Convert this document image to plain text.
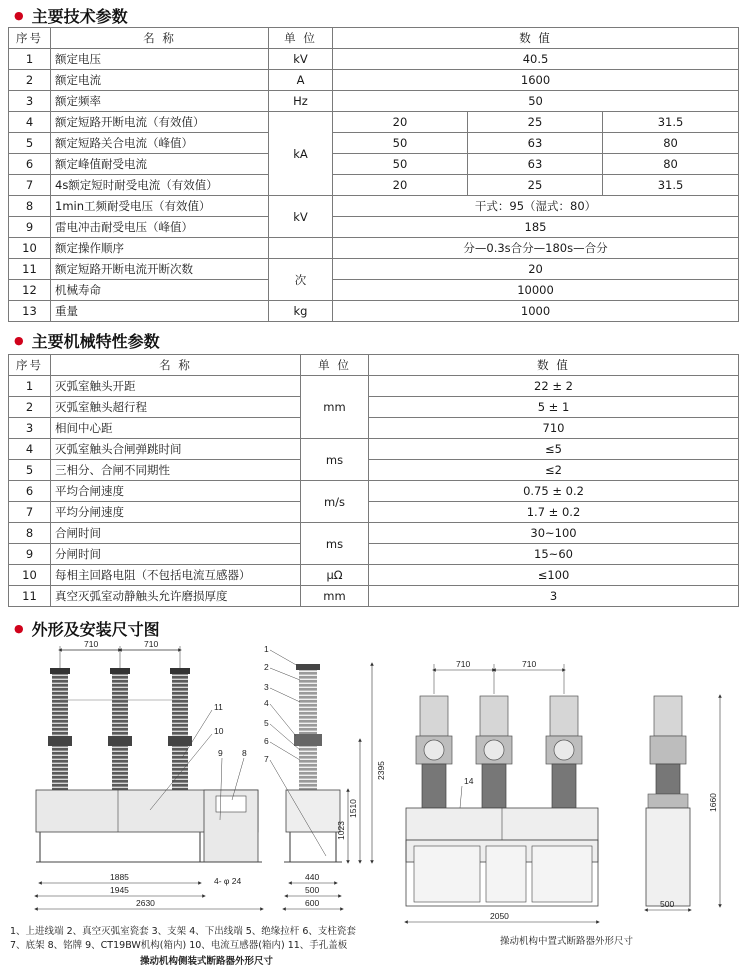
● 主要技术参数
序号	名 称	单 位	数 值		
1	额定电压	kV	40.5		
2	额定电流	A	1600		
3	额定频率	Hz	50		
4	额定短路开断电流（有效值）	kA	20	25	31.5
5	额定短路关合电流（峰值）		50	63	80
6	额定峰值耐受电流		50	63	80
7	4s额定短时耐受电流（有效值）		20	25	31.5
8	1min工频耐受电压（有效值）	kV	干式：95（湿式：80）		
9	雷电冲击耐受电压（峰值）		185		
10	额定操作顺序		分—0.3s合分—180s—合分		
11	额定短路开断电流开断次数	次	20		
12	机械寿命		10000		
13	重量	kg	1000		
● 主要机械特性参数
序号	名 称	单 位	数 值
1	灭弧室触头开距	mm	22 ± 2
2	灭弧室触头超行程		5 ± 1
3	相间中心距		710
4	灭弧室触头合闸弹跳时间	ms	≤5
5	三相分、合闸不同期性		≤2
6	平均合闸速度	m/s	0.75 ± 0.2
7	平均分闸速度		1.7 ± 0.2
8	合闸时间	ms	30~100
9	分闸时间		15~60
10	每相主回路电阻（不包括电流互感器）	μΩ	≤100
11	真空灭弧室动静触头允许磨损厚度	mm	3
● 外形及安装尺寸图
710	710
1885
1945
2630
4- φ 24
11
10
9 8
1
2
3
4
5
6
7
2395
1510
1023
440
500
600
710	710
14
2050
1660
500
1、上进线端 2、真空灭弧室瓷套 3、支架 4、下出线端 5、绝缘拉杆 6、支柱瓷套
7、底架 8、铭牌 9、CT19BW机构(箱内) 10、电流互感器(箱内) 11、手孔盖板
操动机构侧装式断路器外形尺寸
操动机构中置式断路器外形尺寸
